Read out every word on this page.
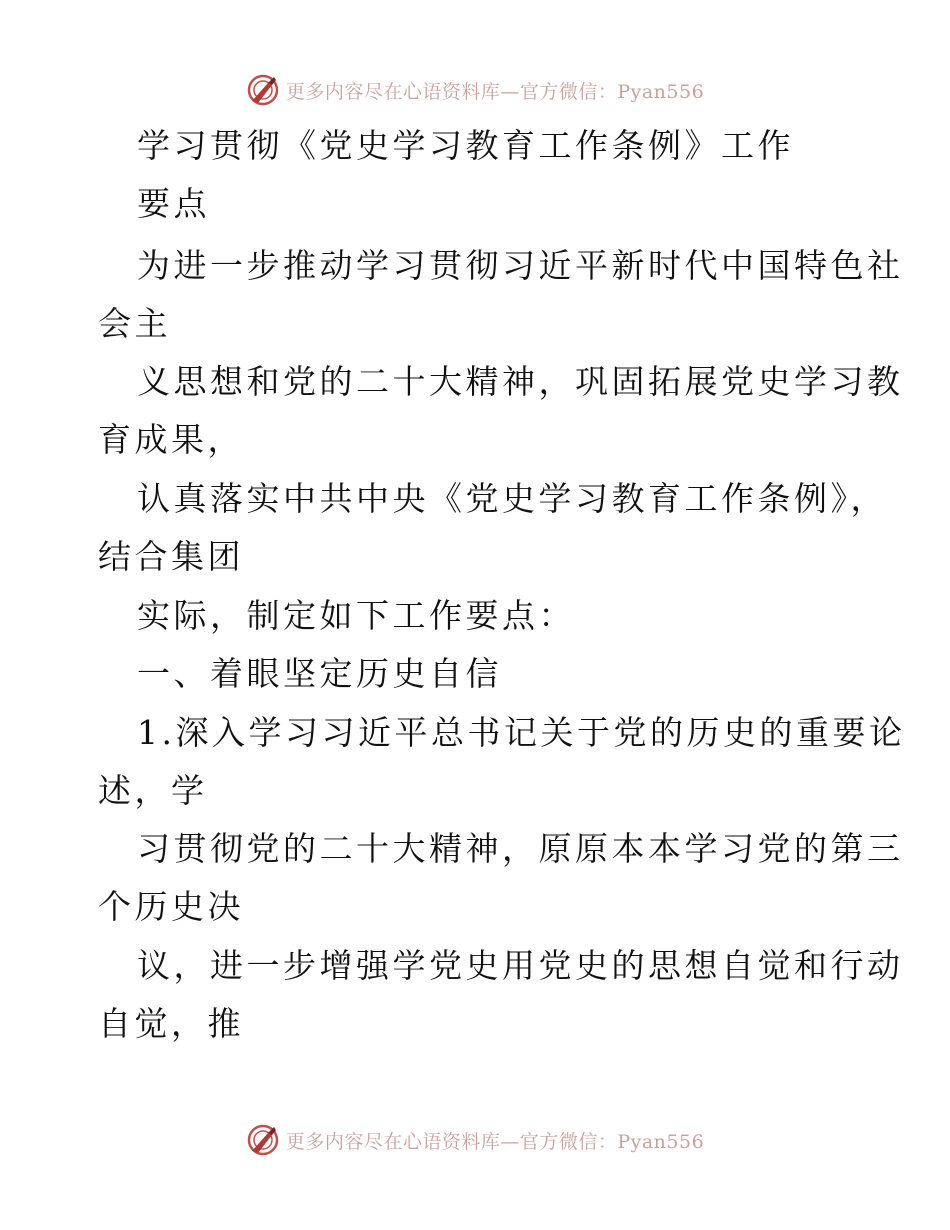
更多内容尽在心语资料库—官方微信：Pyan556
学习贯彻《党史学习教育工作条例》工作
要点
为进一步推动学习贯彻习近平新时代中国特色社
会主
义思想和党的二十大精神，巩固拓展党史学习教
育成果，
认真落实中共中央《党史学习教育工作条例》，
结合集团
实际，制定如下工作要点：
一、着眼坚定历史自信
1.深入学习习近平总书记关于党的历史的重要论
述，学
习贯彻党的二十大精神，原原本本学习党的第三
个历史决
议，进一步增强学党史用党史的思想自觉和行动
自觉，推
更多内容尽在心语资料库—官方微信：Pyan556
